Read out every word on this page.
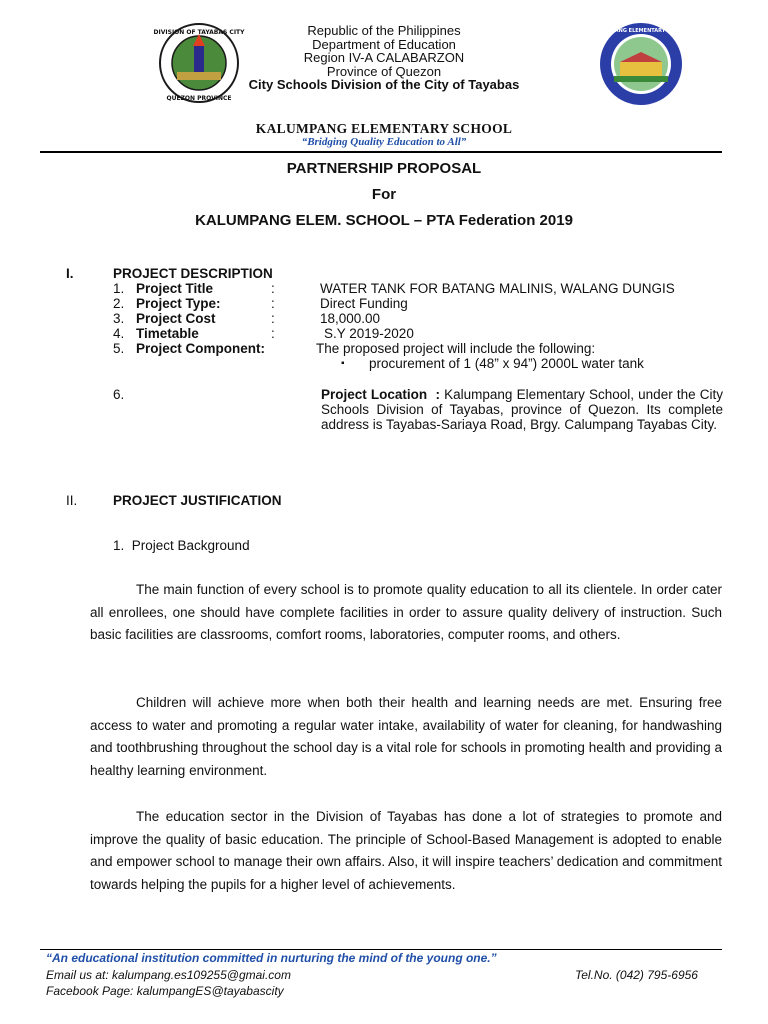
DIVISION OF TAYABAS CITY
QUEZON PROVINCE
Republic of the Philippines
Department of Education
Region IV-A CALABARZON
Province of Quezon
City Schools Division of the City of Tayabas
KALUMPANG ELEMENTARY SCHOOL
KALUMPANG ELEMENTARY SCHOOL
“Bridging Quality Education to All”
PARTNERSHIP PROPOSAL
For
KALUMPANG ELEM. SCHOOL – PTA Federation 2019
I.	PROJECT DESCRIPTION
1. Project Title	:	WATER TANK FOR BATANG MALINIS, WALANG DUNGIS
2. Project Type:	:	Direct Funding
3. Project Cost	:	18,000.00
4. Timetable	:	S.Y 2019-2020
5. Project Component:	The proposed project will include the following:
▪ procurement of 1 (48” x 94”) 2000L water tank
6.	Project Location  : Kalumpang Elementary School, under the City Schools Division of Tayabas, province of Quezon. Its complete address is Tayabas-Sariaya Road, Brgy. Calumpang Tayabas City.
II.	PROJECT JUSTIFICATION
1.  Project Background
The main function of every school is to promote quality education to all its clientele. In order cater all enrollees, one should have complete facilities in order to assure quality delivery of instruction. Such basic facilities are classrooms, comfort rooms, laboratories, computer rooms, and others.
Children will achieve more when both their health and learning needs are met. Ensuring free access to water and promoting a regular water intake, availability of water for cleaning, for handwashing and toothbrushing throughout the school day is a vital role for schools in promoting health and providing a healthy learning environment.
The education sector in the Division of Tayabas has done a lot of strategies to promote and improve the quality of basic education. The principle of School-Based Management is adopted to enable and empower school to manage their own affairs. Also, it will inspire teachers’ dedication and commitment towards helping the pupils for a higher level of achievements.
“An educational institution committed in nurturing the mind of the young one.”
Email us at: kalumpang.es109255@gmai.com	Tel.No. (042) 795-6956
Facebook Page: kalumpangES@tayabascity
